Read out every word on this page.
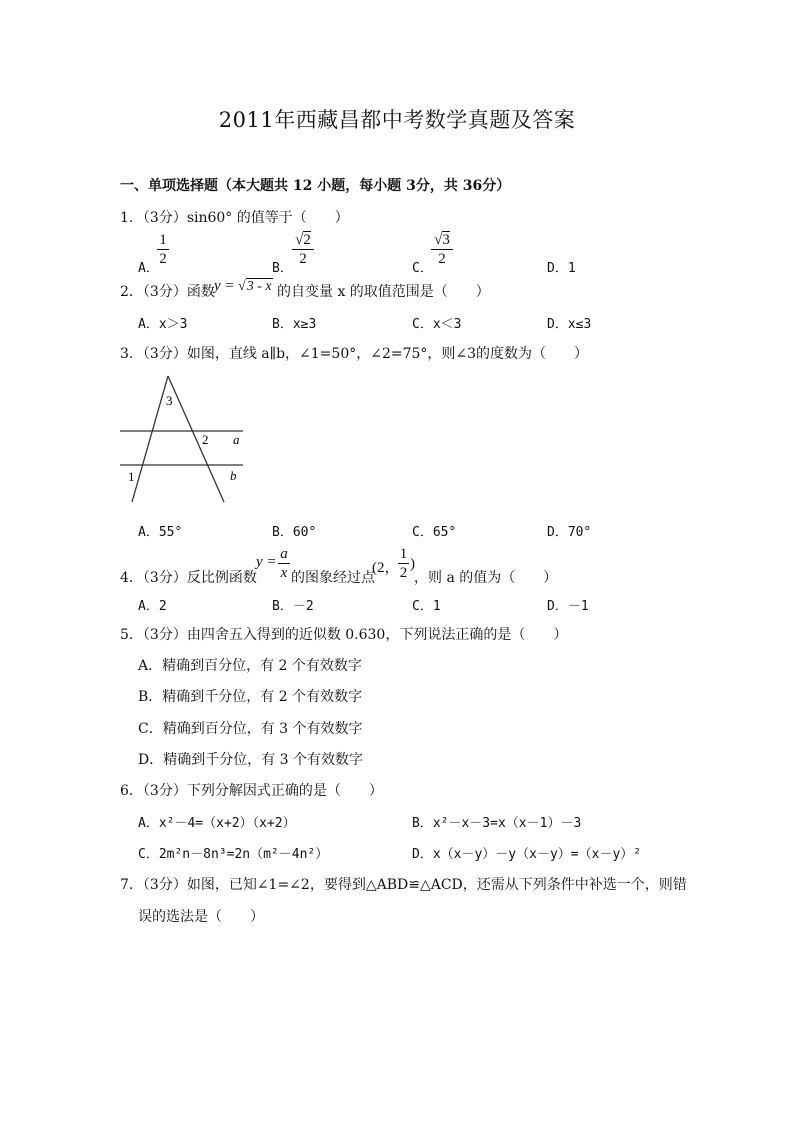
2011年西藏昌都中考数学真题及答案
一、单项选择题（本大题共 12 小题，每小题 3分，共 36分）
1．（3分）sin60° 的值等于（　　）
A．
1
2
B．
√2
2
C．
√3
2
D．1
2．（3分）函数 y = √3 - x 的自变量 x 的取值范围是（　　）
A．x＞3	B．x≥3	C．x＜3	D．x≤3
3．（3分）如图，直线 a∥b，∠1=50°，∠2=75°，则∠3的度数为（　　）
3
2
1
a
b
A．55°	B．60°	C．65°	D．70°
4．（3分）反比例函数
y = a
x 的图象经过点
(2，
1
2
)
，则 a 的值为（　　）
A．2	B．－2	C．1	D．－1
5．（3分）由四舍五入得到的近似数 0.630，下列说法正确的是（　　）
A．精确到百分位，有 2 个有效数字
B．精确到千分位，有 2 个有效数字
C．精确到百分位，有 3 个有效数字
D．精确到千分位，有 3 个有效数字
6．（3分）下列分解因式正确的是（　　）
A．x²－4=（x+2）（x+2）	B．x²－x－3=x（x－1）－3
C．2m²n－8n³=2n（m²－4n²）	D．x（x－y）－y（x－y）=（x－y）²
7．（3分）如图，已知∠1=∠2，要得到△ABD≌△ACD，还需从下列条件中补选一个，则错
误的选法是（　　）
